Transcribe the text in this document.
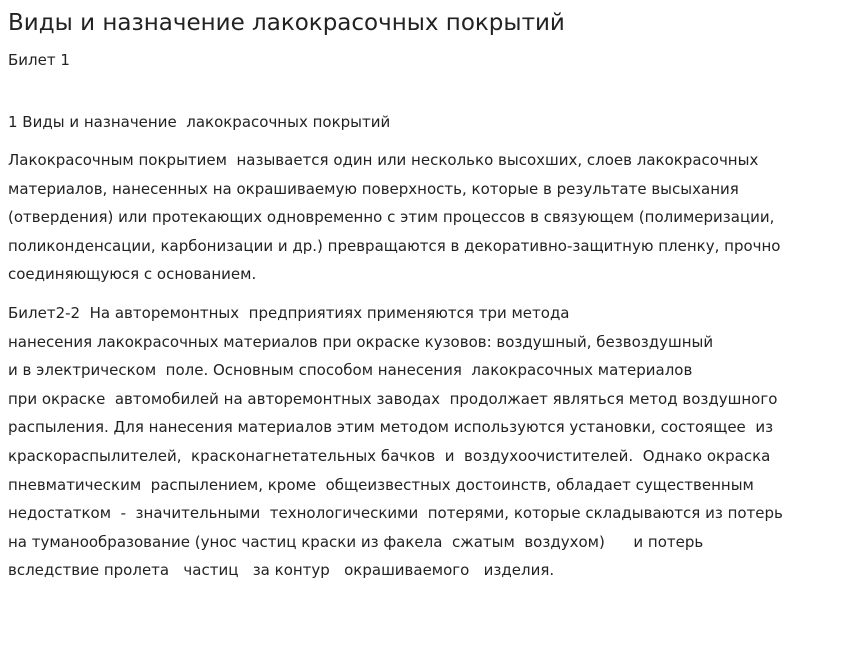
Виды и назначение лакокрасочных покрытий
Билет 1
1 Виды и назначение  лакокрасочных покрытий
Лакокрасочным покрытием  называется один или несколько высохших, слоев лакокрасочных
материалов, нанесенных на окрашиваемую поверхность, которые в результате высыхания
(отвердения) или протекающих одновременно с этим процессов в связующем (полимеризации,
поликонденсации, карбонизации и др.) превращаются в декоративно-защитную пленку, прочно
соединяющуюся с основанием.
Билет2-2  На авторемонтных  предприятиях применяются три метода
нанесения лакокрасочных материалов при окраске кузовов: воздушный, безвоздушный
и в электрическом  поле. Основным способом нанесения  лакокрасочных материалов
при окраске  автомобилей на авторемонтных заводах  продолжает являться метод воздушного
распыления. Для нанесения материалов этим методом используются установки, состоящее  из
краскораспылителей,  красконагнетательных бачков  и  воздухоочистителей.  Однако окраска
пневматическим  распылением, кроме  общеизвестных достоинств, обладает существенным
недостатком  -  значительными  технологическими  потерями, которые складываются из потерь
на туманообразование (унос частиц краски из факела  сжатым  воздухом)      и потерь
вследствие пролета   частиц   за контур   окрашиваемого   изделия.
